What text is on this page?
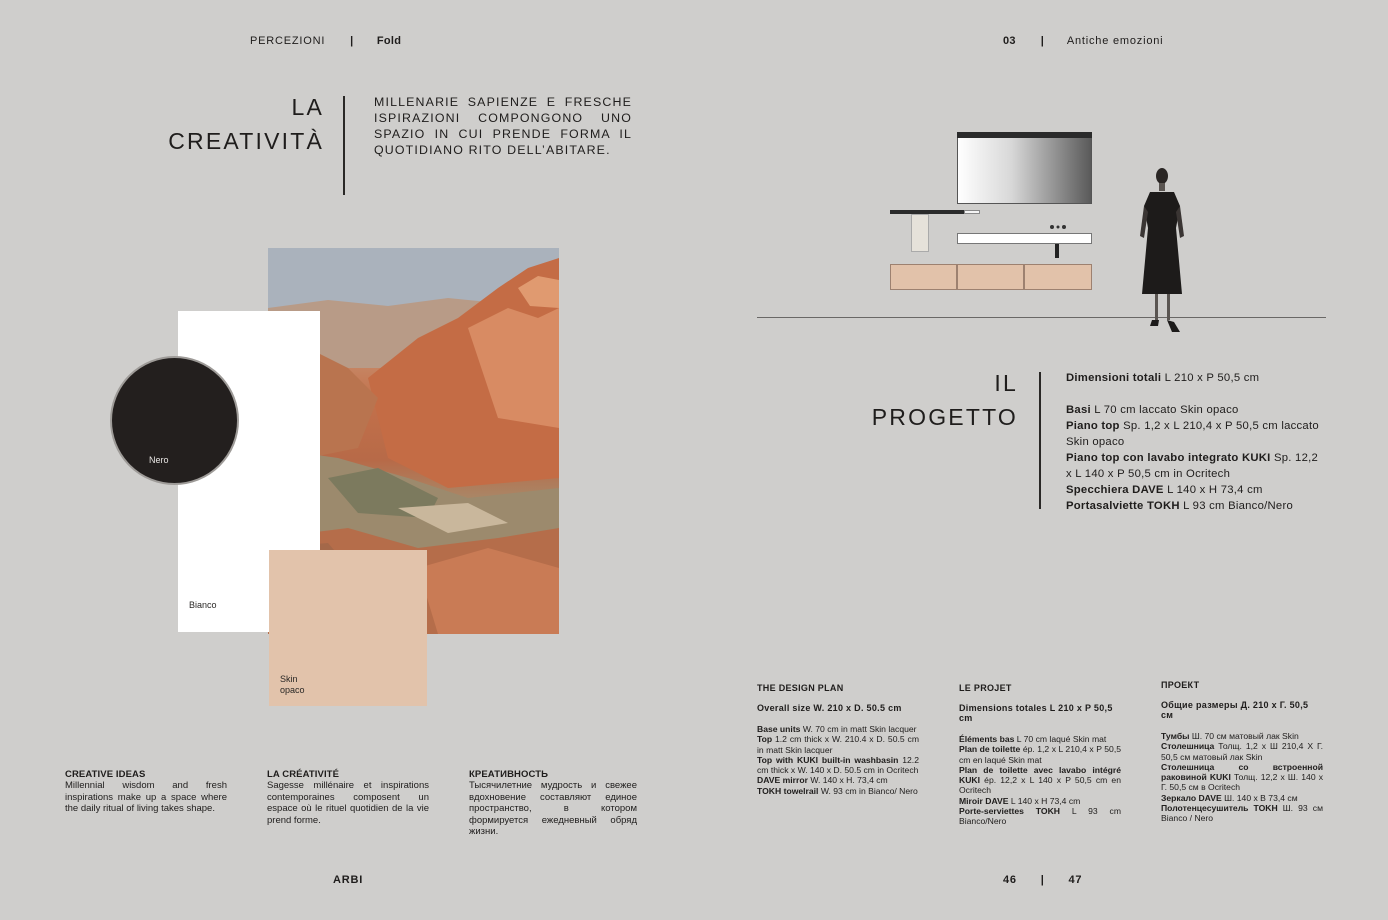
PERCEZIONI | Fold	03 | Antiche emozioni
LA
CREATIVITÀ
MILLENARIE SAPIENZE E FRESCHE ISPIRAZIONI COMPONGONO UNO SPAZIO IN CUI PRENDE FORMA IL QUOTIDIANO RITO DELL’ABITARE.
Bianco
Nero
Skin
opaco
CREATIVE IDEAS
Millennial wisdom and fresh inspirations make up a space where the daily ritual of living takes shape.
LA CRÉATIVITÉ
Sagesse millénaire et inspirations contemporaines composent un espace où le rituel quotidien de la vie prend forme.
КРЕАТИВНОСТЬ
Тысячилетние мудрость и свежее вдохновение составляют единое пространство, в котором формируется ежедневный обряд жизни.
IL
PROGETTO
Dimensioni totali L 210 x P 50,5 cm
Basi L 70 cm laccato Skin opaco
Piano top Sp. 1,2 x L 210,4 x P 50,5 cm laccato Skin opaco
Piano top con lavabo integrato KUKI Sp. 12,2 x L 140 x P 50,5 cm in Ocritech
Specchiera DAVE L 140 x H 73,4 cm
Portasalviette TOKH L 93 cm Bianco/Nero
THE DESIGN PLAN
Overall size W. 210 x D. 50.5 cm
Base units W. 70 cm in matt Skin lacquer
Top 1.2 cm thick x W. 210.4 x D. 50.5 cm in matt Skin lacquer
Top with KUKI built-in washbasin 12.2 cm thick x W. 140 x D. 50.5 cm in Ocritech
DAVE mirror W. 140 x H. 73,4 cm
TOKH towelrail W. 93 cm in Bianco/ Nero
LE PROJET
Dimensions totales L 210 x P 50,5 cm
Éléments bas L 70 cm laqué Skin mat
Plan de toilette ép. 1,2 x L 210,4 x P 50,5 cm en laqué Skin mat
Plan de toilette avec lavabo intégré KUKI ép. 12,2 x L 140 x P 50,5 cm en Ocritech
Miroir DAVE L 140 x H 73,4 cm
Porte-serviettes TOKH L 93 cm Bianco/Nero
ПРОЕКТ
Общие размеры Д. 210 x Г. 50,5 см
Тумбы Ш. 70 см матовый лак Skin
Столешница Толщ. 1,2 x Ш 210,4 X Г. 50,5 см матовый лак Skin
Столешница со встроенной раковиной KUKI Толщ. 12,2 x Ш. 140 x Г. 50,5 см в Ocritech
Зеркало DAVE Ш. 140 x В 73,4 см
Полотенцесушитель TOKH Ш. 93 см Bianco / Nero
ARBI	46 | 47
